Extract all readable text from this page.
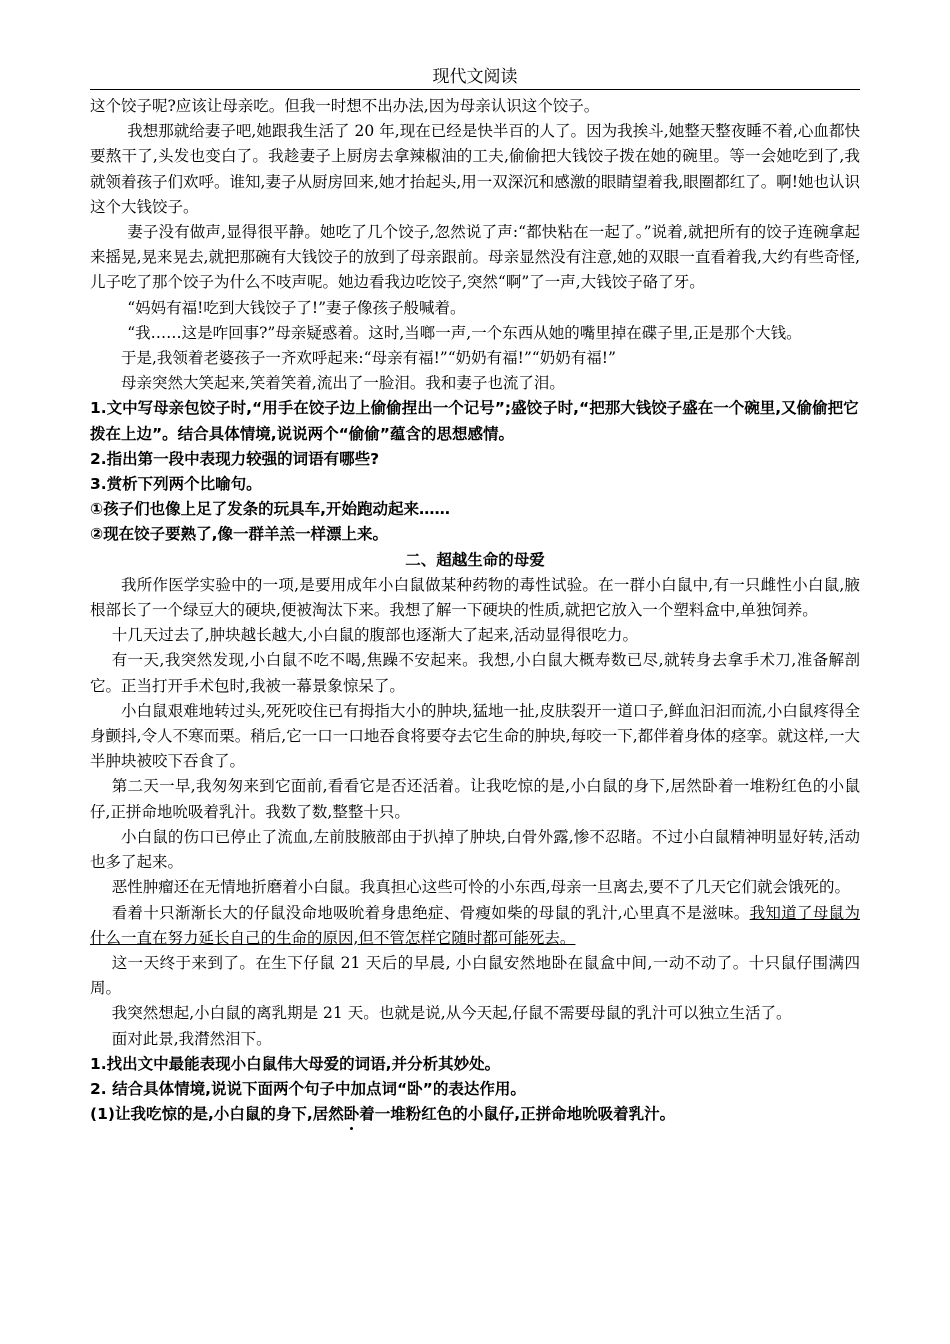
现代文阅读

这个饺子呢?应该让母亲吃。但我一时想不出办法,因为母亲认识这个饺子。

我想那就给妻子吧,她跟我生活了 20 年,现在已经是快半百的人了。因为我挨斗,她整天整夜睡不着,心血都快要熬干了,头发也变白了。我趁妻子上厨房去拿辣椒油的工夫,偷偷把大钱饺子拨在她的碗里。等一会她吃到了,我就领着孩子们欢呼。谁知,妻子从厨房回来,她才抬起头,用一双深沉和感激的眼睛望着我,眼圈都红了。啊!她也认识这个大钱饺子。

妻子没有做声,显得很平静。她吃了几个饺子,忽然说了声:“都快粘在一起了。”说着,就把所有的饺子连碗拿起来摇晃,晃来晃去,就把那碗有大钱饺子的放到了母亲跟前。母亲显然没有注意,她的双眼一直看着我,大约有些奇怪,儿子吃了那个饺子为什么不吱声呢。她边看我边吃饺子,突然“啊”了一声,大钱饺子硌了牙。

“妈妈有福!吃到大钱饺子了!”妻子像孩子般喊着。

“我……这是咋回事?”母亲疑惑着。这时,当啷一声,一个东西从她的嘴里掉在碟子里,正是那个大钱。

于是,我领着老婆孩子一齐欢呼起来:“母亲有福!”“奶奶有福!”“奶奶有福!”

母亲突然大笑起来,笑着笑着,流出了一脸泪。我和妻子也流了泪。

1.文中写母亲包饺子时,“用手在饺子边上偷偷捏出一个记号”;盛饺子时,“把那大钱饺子盛在一个碗里,又偷偷把它拨在上边”。结合具体情境,说说两个“偷偷”蕴含的思想感情。

2.指出第一段中表现力较强的词语有哪些?

3.赏析下列两个比喻句。

①孩子们也像上足了发条的玩具车,开始跑动起来……

②现在饺子要熟了,像一群羊羔一样漂上来。

二、超越生命的母爱

我所作医学实验中的一项,是要用成年小白鼠做某种药物的毒性试验。在一群小白鼠中,有一只雌性小白鼠,腋根部长了一个绿豆大的硬块,便被淘汰下来。我想了解一下硬块的性质,就把它放入一个塑料盒中,单独饲养。

十几天过去了,肿块越长越大,小白鼠的腹部也逐渐大了起来,活动显得很吃力。

有一天,我突然发现,小白鼠不吃不喝,焦躁不安起来。我想,小白鼠大概寿数已尽,就转身去拿手术刀,准备解剖它。正当打开手术包时,我被一幕景象惊呆了。

小白鼠艰难地转过头,死死咬住已有拇指大小的肿块,猛地一扯,皮肤裂开一道口子,鲜血汩汩而流,小白鼠疼得全身颤抖,令人不寒而栗。稍后,它一口一口地吞食将要夺去它生命的肿块,每咬一下,都伴着身体的痉挛。就这样,一大半肿块被咬下吞食了。

第二天一早,我匆匆来到它面前,看看它是否还活着。让我吃惊的是,小白鼠的身下,居然卧着一堆粉红色的小鼠仔,正拼命地吮吸着乳汁。我数了数,整整十只。

小白鼠的伤口已停止了流血,左前肢腋部由于扒掉了肿块,白骨外露,惨不忍睹。不过小白鼠精神明显好转,活动也多了起来。

恶性肿瘤还在无情地折磨着小白鼠。我真担心这些可怜的小东西,母亲一旦离去,要不了几天它们就会饿死的。

看着十只渐渐长大的仔鼠没命地吸吮着身患绝症、骨瘦如柴的母鼠的乳汁,心里真不是滋味。我知道了母鼠为什么一直在努力延长自己的生命的原因,但不管怎样它随时都可能死去。

这一天终于来到了。在生下仔鼠 21 天后的早晨, 小白鼠安然地卧在鼠盒中间,一动不动了。十只鼠仔围满四周。

我突然想起,小白鼠的离乳期是 21 天。也就是说,从今天起,仔鼠不需要母鼠的乳汁可以独立生活了。

面对此景,我潸然泪下。

1.找出文中最能表现小白鼠伟大母爱的词语,并分析其妙处。

2. 结合具体情境,说说下面两个句子中加点词“卧”的表达作用。

(1)让我吃惊的是,小白鼠的身下,居然卧着一堆粉红色的小鼠仔,正拼命地吮吸着乳汁。
